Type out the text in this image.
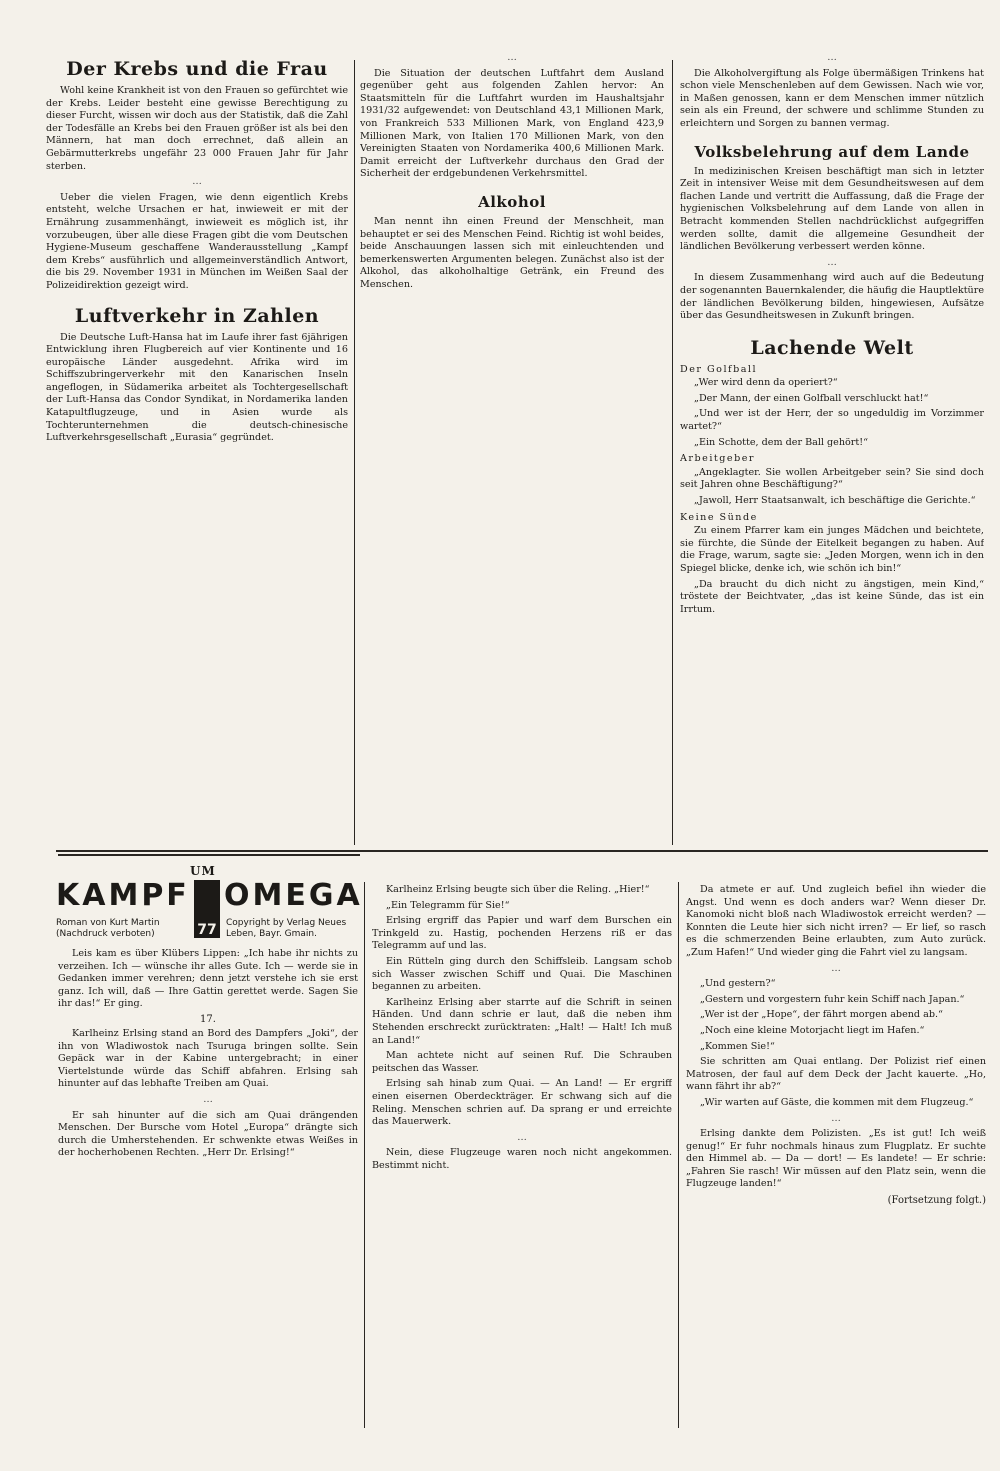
Der Krebs und die Frau

Wohl keine Krankheit ist von den Frauen so gefürchtet wie der Krebs. Leider besteht eine gewisse Berechtigung zu dieser Furcht, wissen wir doch aus der Statistik, daß die Zahl der Todesfälle an Krebs bei den Frauen größer ist als bei den Männern, hat man doch errechnet, daß allein an Gebärmutterkrebs ungefähr 23 000 Frauen Jahr für Jahr sterben.

…

Ueber die vielen Fragen, wie denn eigentlich Krebs entsteht, welche Ursachen er hat, inwieweit er mit der Ernährung zusammenhängt, inwieweit es möglich ist, ihr vorzubeugen, über alle diese Fragen gibt die vom Deutschen Hygiene-Museum geschaffene Wanderausstellung „Kampf dem Krebs“ ausführlich und allgemeinverständlich Antwort, die bis 29. November 1931 in München im Weißen Saal der Polizeidirektion gezeigt wird.

Luftverkehr in Zahlen

Die Deutsche Luft-Hansa hat im Laufe ihrer fast 6jährigen Entwicklung ihren Flugbereich auf vier Kontinente und 16 europäische Länder ausgedehnt. Afrika wird im Schiffszubringerverkehr mit den Kanarischen Inseln angeflogen, in Südamerika arbeitet als Tochtergesellschaft der Luft-Hansa das Condor Syndikat, in Nordamerika landen Katapultflugzeuge, und in Asien wurde als Tochterunternehmen die deutsch-chinesische Luftverkehrsgesellschaft „Eurasia“ gegründet.

…

Die Situation der deutschen Luftfahrt dem Ausland gegenüber geht aus folgenden Zahlen hervor: An Staatsmitteln für die Luftfahrt wurden im Haushaltsjahr 1931/32 aufgewendet: von Deutschland 43,1 Millionen Mark, von Frankreich 533 Millionen Mark, von England 423,9 Millionen Mark, von Italien 170 Millionen Mark, von den Vereinigten Staaten von Nordamerika 400,6 Millionen Mark. Damit erreicht der Luftverkehr durchaus den Grad der Sicherheit der erdgebundenen Verkehrsmittel.

Alkohol

Man nennt ihn einen Freund der Menschheit, man behauptet er sei des Menschen Feind. Richtig ist wohl beides, beide Anschauungen lassen sich mit einleuchtenden und bemerkenswerten Argumenten belegen. Zunächst also ist der Alkohol, das alkoholhaltige Getränk, ein Freund des Menschen.

…

Die Alkoholvergiftung als Folge übermäßigen Trinkens hat schon viele Menschenleben auf dem Gewissen. Nach wie vor, in Maßen genossen, kann er dem Menschen immer nützlich sein als ein Freund, der schwere und schlimme Stunden zu erleichtern und Sorgen zu bannen vermag.

Volksbelehrung auf dem Lande

In medizinischen Kreisen beschäftigt man sich in letzter Zeit in intensiver Weise mit dem Gesundheitswesen auf dem flachen Lande und vertritt die Auffassung, daß die Frage der hygienischen Volksbelehrung auf dem Lande von allen in Betracht kommenden Stellen nachdrücklichst aufgegriffen werden sollte, damit die allgemeine Gesundheit der ländlichen Bevölkerung verbessert werden könne.

…

In diesem Zusammenhang wird auch auf die Bedeutung der sogenannten Bauernkalender, die häufig die Hauptlektüre der ländlichen Bevölkerung bilden, hingewiesen, Aufsätze über das Gesundheitswesen in Zukunft bringen.

Lachende Welt
Der Golfball

„Wer wird denn da operiert?“

„Der Mann, der einen Golfball verschluckt hat!“

„Und wer ist der Herr, der so ungeduldig im Vorzimmer wartet?“

„Ein Schotte, dem der Ball gehört!“

Arbeitgeber

„Angeklagter. Sie wollen Arbeitgeber sein? Sie sind doch seit Jahren ohne Beschäftigung?“

„Jawoll, Herr Staatsanwalt, ich beschäftige die Gerichte.“

Keine Sünde

Zu einem Pfarrer kam ein junges Mädchen und beichtete, sie fürchte, die Sünde der Eitelkeit begangen zu haben. Auf die Frage, warum, sagte sie: „Jeden Morgen, wenn ich in den Spiegel blicke, denke ich, wie schön ich bin!“

„Da braucht du dich nicht zu ängstigen, mein Kind,“ tröstete der Beichtvater, „das ist keine Sünde, das ist ein Irrtum.

UM
KAMPF
77
OMEGA
Roman von Kurt Martin
(Nachdruck verboten)
Copyright by Verlag Neues
Leben, Bayr. Gmain.

Leis kam es über Klübers Lippen: „Ich habe ihr nichts zu verzeihen. Ich — wünsche ihr alles Gute. Ich — werde sie in Gedanken immer verehren; denn jetzt verstehe ich sie erst ganz. Ich will, daß — Ihre Gattin gerettet werde. Sagen Sie ihr das!“ Er ging.

17.

Karlheinz Erlsing stand an Bord des Dampfers „Joki“, der ihn von Wladiwostok nach Tsuruga bringen sollte. Sein Gepäck war in der Kabine untergebracht; in einer Viertelstunde würde das Schiff abfahren. Erlsing sah hinunter auf das lebhafte Treiben am Quai.

…

Er sah hinunter auf die sich am Quai drängenden Menschen. Der Bursche vom Hotel „Europa“ drängte sich durch die Umherstehenden. Er schwenkte etwas Weißes in der hocherhobenen Rechten. „Herr Dr. Erlsing!“

Karlheinz Erlsing beugte sich über die Reling. „Hier!“

„Ein Telegramm für Sie!“

Erlsing ergriff das Papier und warf dem Burschen ein Trinkgeld zu. Hastig, pochenden Herzens riß er das Telegramm auf und las.

Ein Rütteln ging durch den Schiffsleib. Langsam schob sich Wasser zwischen Schiff und Quai. Die Maschinen begannen zu arbeiten.

Karlheinz Erlsing aber starrte auf die Schrift in seinen Händen. Und dann schrie er laut, daß die neben ihm Stehenden erschreckt zurücktraten: „Halt! — Halt! Ich muß an Land!“

Man achtete nicht auf seinen Ruf. Die Schrauben peitschen das Wasser.

Erlsing sah hinab zum Quai. — An Land! — Er ergriff einen eisernen Oberdeckträger. Er schwang sich auf die Reling. Menschen schrien auf. Da sprang er und erreichte das Mauerwerk.

…

Nein, diese Flugzeuge waren noch nicht angekommen. Bestimmt nicht.

Da atmete er auf. Und zugleich befiel ihn wieder die Angst. Und wenn es doch anders war? Wenn dieser Dr. Kanomoki nicht bloß nach Wladiwostok erreicht werden? — Konnten die Leute hier sich nicht irren? — Er lief, so rasch es die schmerzenden Beine erlaubten, zum Auto zurück. „Zum Hafen!“ Und wieder ging die Fahrt viel zu langsam.

…

„Und gestern?“

„Gestern und vorgestern fuhr kein Schiff nach Japan.“

„Wer ist der „Hope“, der fährt morgen abend ab.“

„Noch eine kleine Motorjacht liegt im Hafen.“

„Kommen Sie!“

Sie schritten am Quai entlang. Der Polizist rief einen Matrosen, der faul auf dem Deck der Jacht kauerte. „Ho, wann fährt ihr ab?“

„Wir warten auf Gäste, die kommen mit dem Flugzeug.“

…

Erlsing dankte dem Polizisten. „Es ist gut! Ich weiß genug!“ Er fuhr nochmals hinaus zum Flugplatz. Er suchte den Himmel ab. — Da — dort! — Es landete! — Er schrie: „Fahren Sie rasch! Wir müssen auf den Platz sein, wenn die Flugzeuge landen!“

(Fortsetzung folgt.)
